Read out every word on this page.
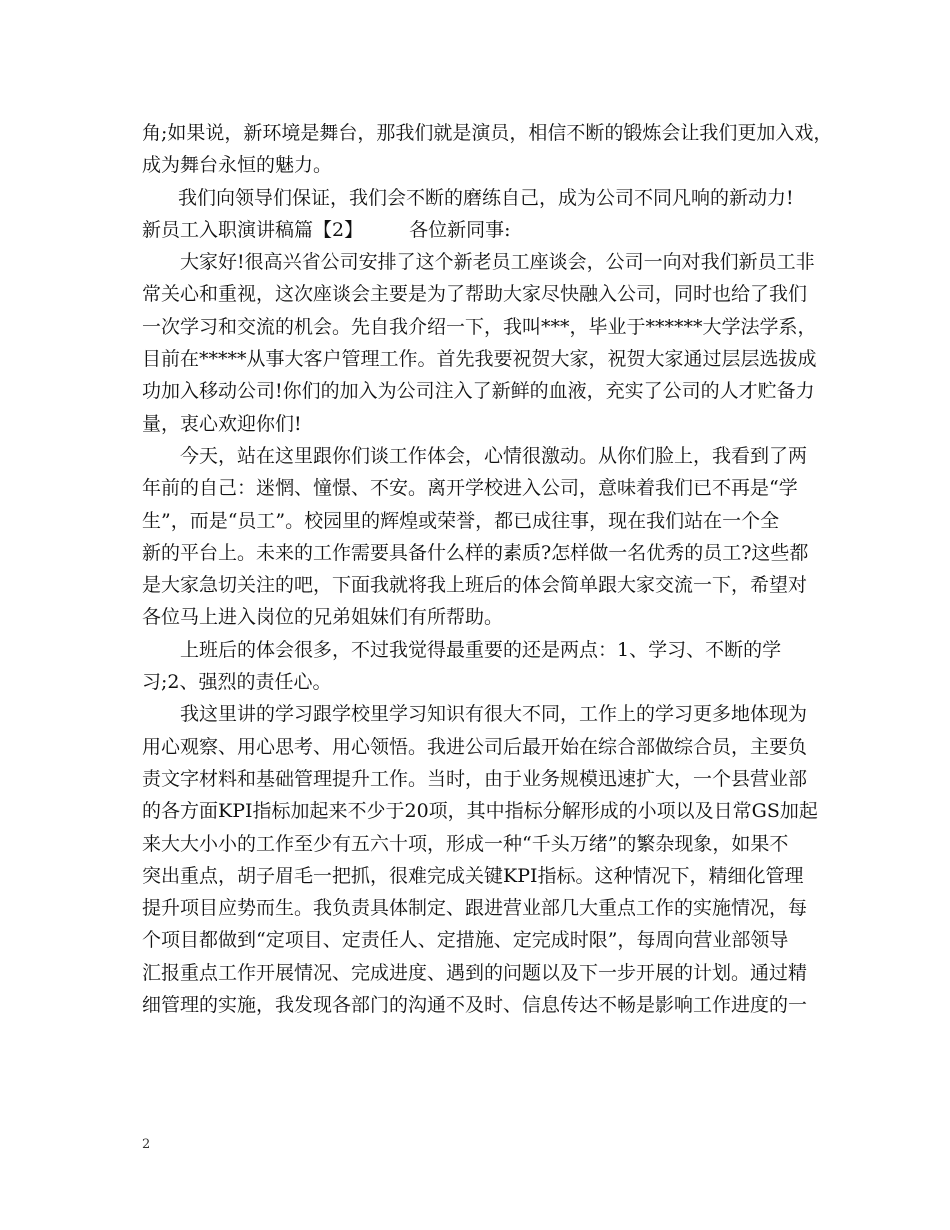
角;如果说，新环境是舞台，那我们就是演员，相信不断的锻炼会让我们更加入戏，
成为舞台永恒的魅力。
我们向领导们保证，我们会不断的磨练自己，成为公司不同凡响的新动力!
新员工入职演讲稿篇【2】 各位新同事:
大家好!很高兴省公司安排了这个新老员工座谈会，公司一向对我们新员工非
常关心和重视，这次座谈会主要是为了帮助大家尽快融入公司，同时也给了我们
一次学习和交流的机会。先自我介绍一下，我叫***，毕业于******大学法学系，
目前在*****从事大客户管理工作。首先我要祝贺大家，祝贺大家通过层层选拔成
功加入移动公司!你们的加入为公司注入了新鲜的血液，充实了公司的人才贮备力
量，衷心欢迎你们!
今天，站在这里跟你们谈工作体会，心情很激动。从你们脸上，我看到了两
年前的自己：迷惘、憧憬、不安。离开学校进入公司，意味着我们已不再是“学
生”，而是“员工”。校园里的辉煌或荣誉，都已成往事，现在我们站在一个全
新的平台上。未来的工作需要具备什么样的素质?怎样做一名优秀的员工?这些都
是大家急切关注的吧，下面我就将我上班后的体会简单跟大家交流一下，希望对
各位马上进入岗位的兄弟姐妹们有所帮助。
上班后的体会很多，不过我觉得最重要的还是两点：1、学习、不断的学
习;2、强烈的责任心。
我这里讲的学习跟学校里学习知识有很大不同，工作上的学习更多地体现为
用心观察、用心思考、用心领悟。我进公司后最开始在综合部做综合员，主要负
责文字材料和基础管理提升工作。当时，由于业务规模迅速扩大，一个县营业部
的各方面KPI指标加起来不少于20项，其中指标分解形成的小项以及日常GS加起
来大大小小的工作至少有五六十项，形成一种“千头万绪”的繁杂现象，如果不
突出重点，胡子眉毛一把抓，很难完成关键KPI指标。这种情况下，精细化管理
提升项目应势而生。我负责具体制定、跟进营业部几大重点工作的实施情况，每
个项目都做到“定项目、定责任人、定措施、定完成时限”，每周向营业部领导
汇报重点工作开展情况、完成进度、遇到的问题以及下一步开展的计划。通过精
细管理的实施，我发现各部门的沟通不及时、信息传达不畅是影响工作进度的一
2
